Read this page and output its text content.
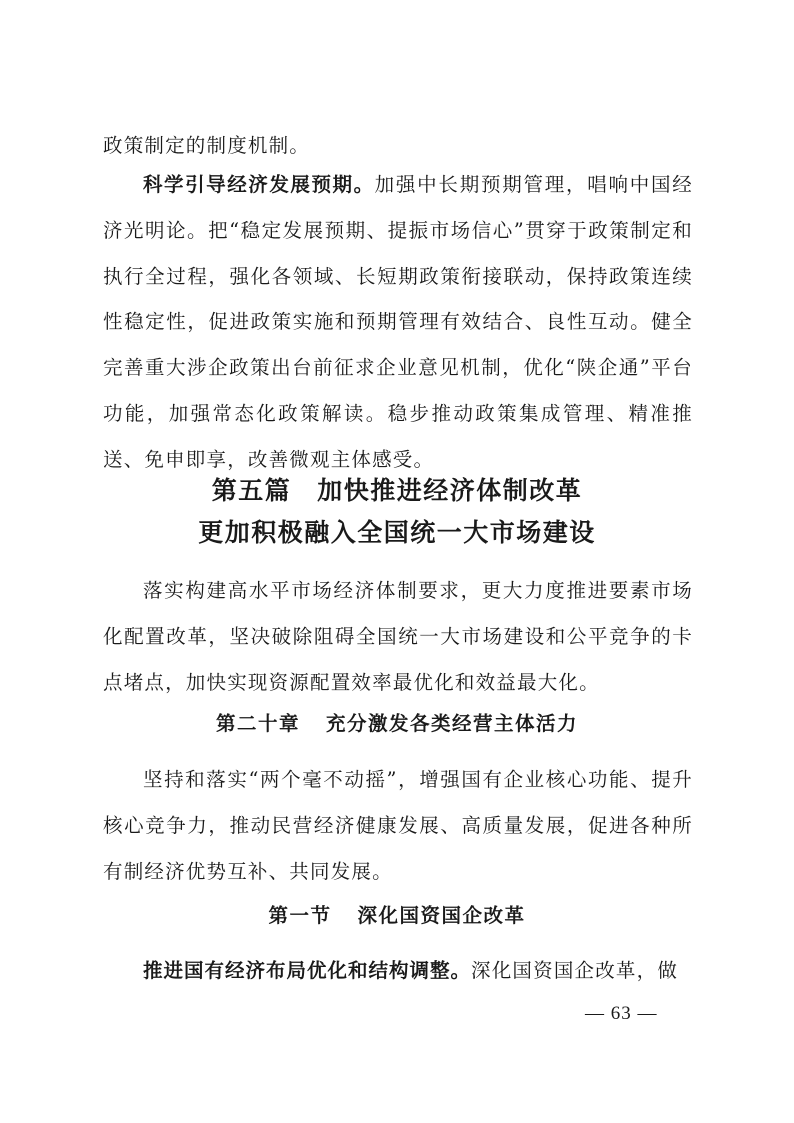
政策制定的制度机制。

科学引导经济发展预期。加强中长期预期管理，唱响中国经济光明论。把“稳定发展预期、提振市场信心”贯穿于政策制定和执行全过程，强化各领域、长短期政策衔接联动，保持政策连续性稳定性，促进政策实施和预期管理有效结合、良性互动。健全完善重大涉企政策出台前征求企业意见机制，优化“陕企通”平台功能，加强常态化政策解读。稳步推动政策集成管理、精准推送、免申即享，改善微观主体感受。

第五篇 加快推进经济体制改革
更加积极融入全国统一大市场建设

落实构建高水平市场经济体制要求，更大力度推进要素市场化配置改革，坚决破除阻碍全国统一大市场建设和公平竞争的卡点堵点，加快实现资源配置效率最优化和效益最大化。

第二十章 充分激发各类经营主体活力

坚持和落实“两个毫不动摇”，增强国有企业核心功能、提升核心竞争力，推动民营经济健康发展、高质量发展，促进各种所有制经济优势互补、共同发展。

第一节 深化国资国企改革

推进国有经济布局优化和结构调整。深化国资国企改革，做

— 63 —
